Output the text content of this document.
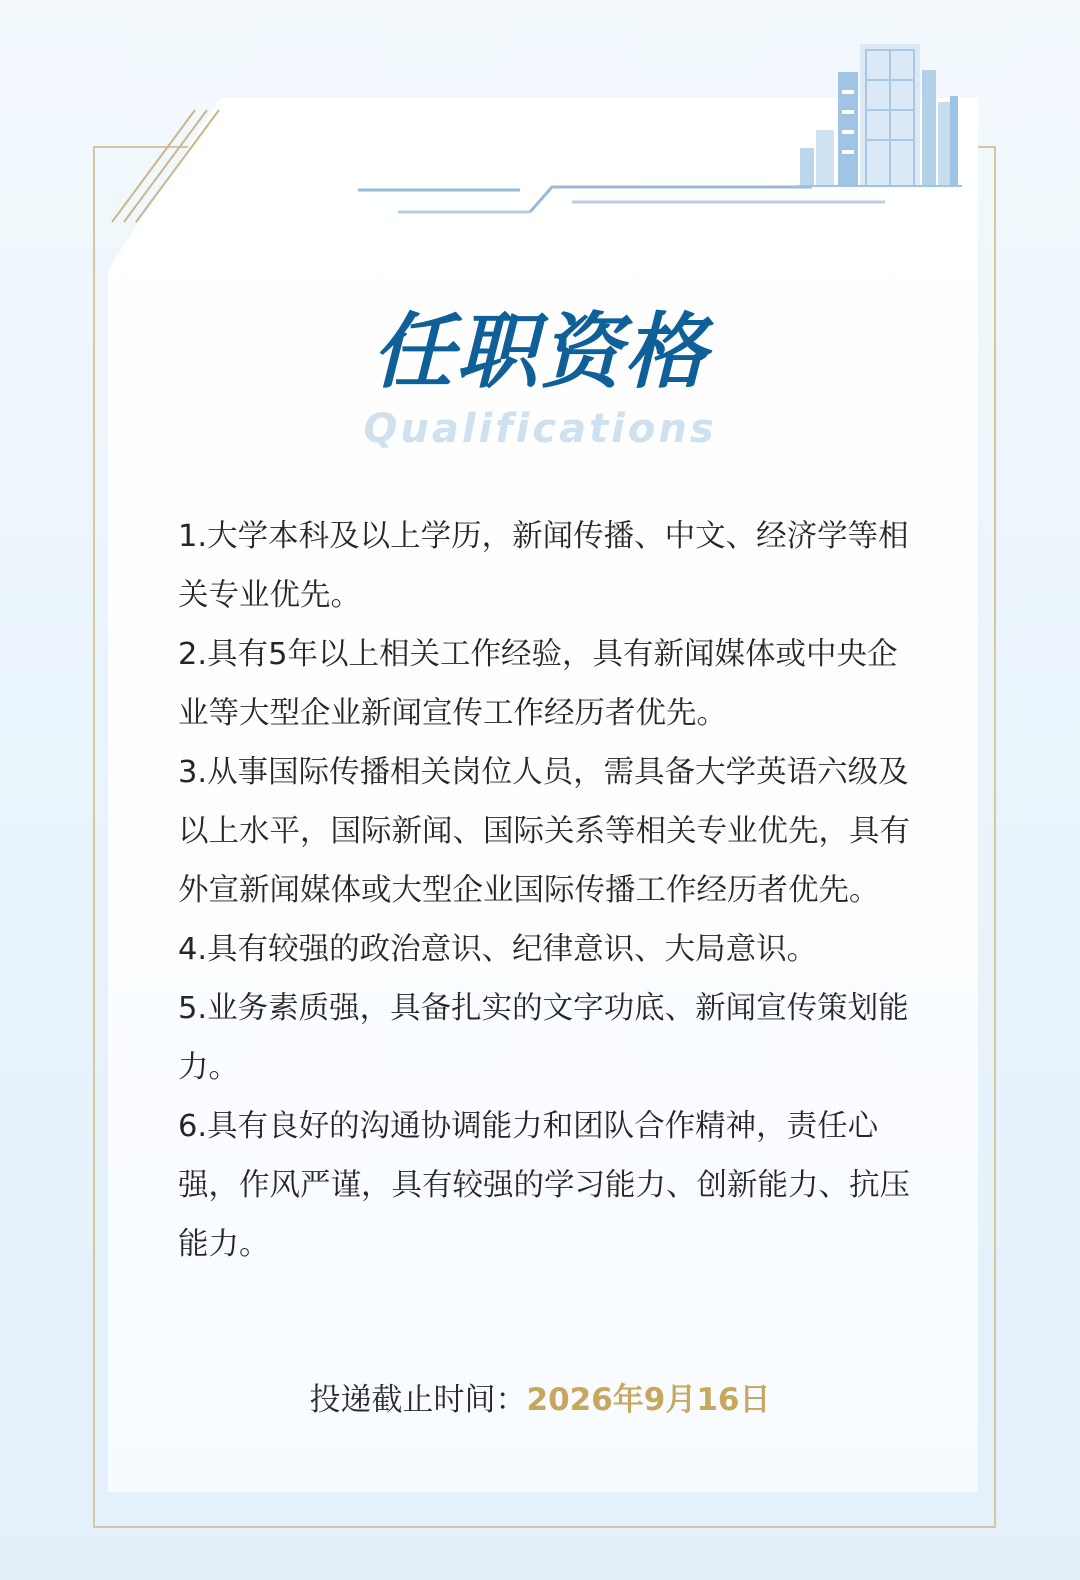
任职资格
Qualifications

1.大学本科及以上学历，新闻传播、中文、经济学等相关专业优先。

2.具有5年以上相关工作经验，具有新闻媒体或中央企业等大型企业新闻宣传工作经历者优先。

3.从事国际传播相关岗位人员，需具备大学英语六级及以上水平，国际新闻、国际关系等相关专业优先，具有外宣新闻媒体或大型企业国际传播工作经历者优先。

4.具有较强的政治意识、纪律意识、大局意识。

5.业务素质强，具备扎实的文字功底、新闻宣传策划能力。

6.具有良好的沟通协调能力和团队合作精神，责任心强，作风严谨，具有较强的学习能力、创新能力、抗压能力。

投递截止时间：2026年9月16日
